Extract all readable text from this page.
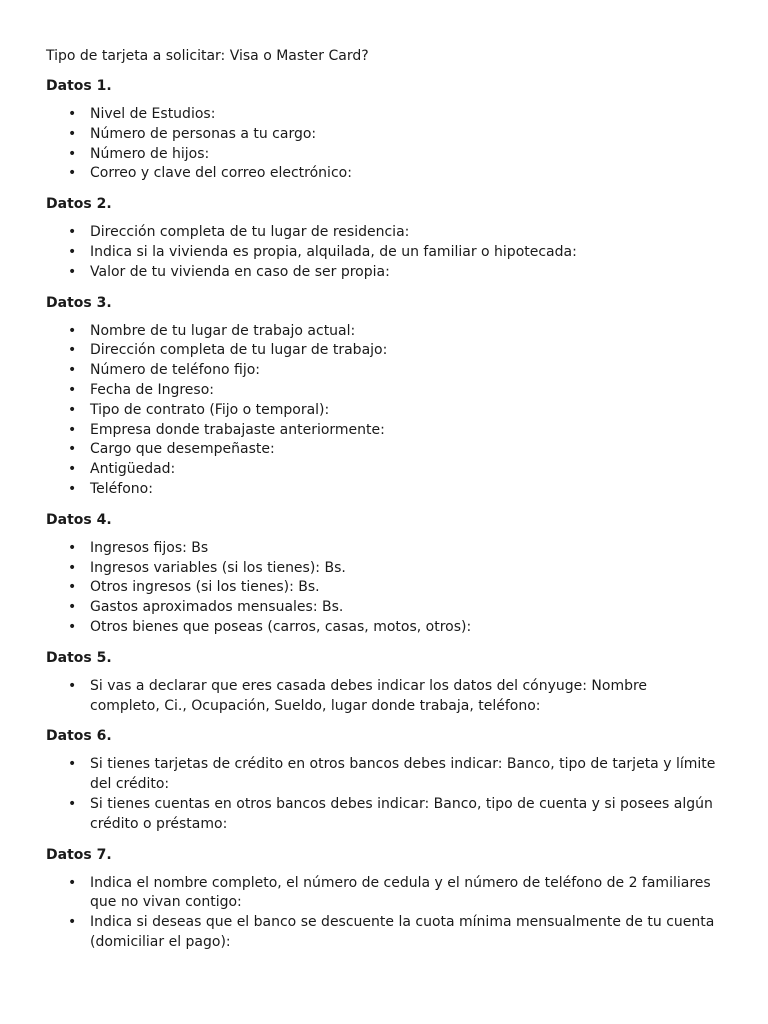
Tipo de tarjeta a solicitar: Visa o Master Card?

Datos 1.

• Nivel de Estudios:
• Número de personas a tu cargo:
• Número de hijos:
• Correo y clave del correo electrónico:

Datos 2.

• Dirección completa de tu lugar de residencia:
• Indica si la vivienda es propia, alquilada, de un familiar o hipotecada:
• Valor de tu vivienda en caso de ser propia:

Datos 3.

• Nombre de tu lugar de trabajo actual:
• Dirección completa de tu lugar de trabajo:
• Número de teléfono fijo:
• Fecha de Ingreso:
• Tipo de contrato (Fijo o temporal):
• Empresa donde trabajaste anteriormente:
• Cargo que desempeñaste:
• Antigüedad:
• Teléfono:

Datos 4.

• Ingresos fijos: Bs
• Ingresos variables (si los tienes): Bs.
• Otros ingresos (si los tienes): Bs.
• Gastos aproximados mensuales: Bs.
• Otros bienes que poseas (carros, casas, motos, otros):

Datos 5.

• Si vas a declarar que eres casada debes indicar los datos del cónyuge: Nombre completo, Ci., Ocupación, Sueldo, lugar donde trabaja, teléfono:

Datos 6.

• Si tienes tarjetas de crédito en otros bancos debes indicar: Banco, tipo de tarjeta y límite del crédito:
• Si tienes cuentas en otros bancos debes indicar: Banco, tipo de cuenta y si posees algún crédito o préstamo:

Datos 7.

• Indica el nombre completo, el número de cedula y el número de teléfono de 2 familiares que no vivan contigo:
• Indica si deseas que el banco se descuente la cuota mínima mensualmente de tu cuenta (domiciliar el pago):
